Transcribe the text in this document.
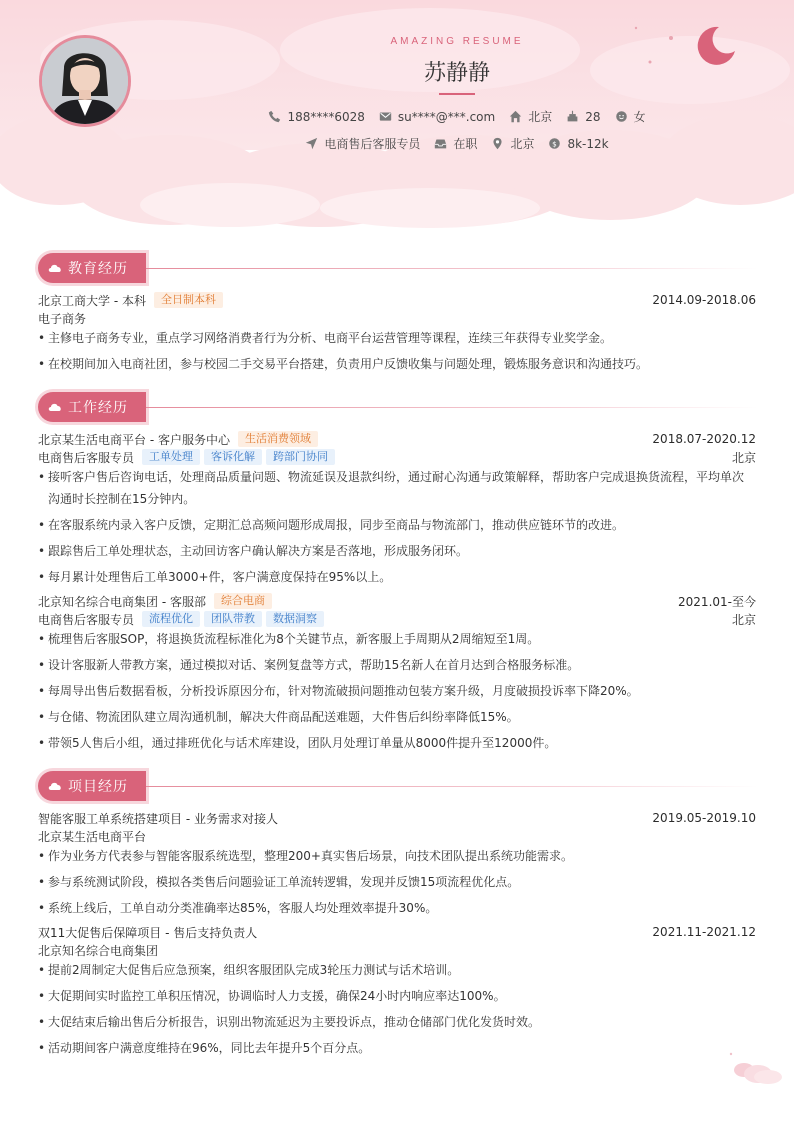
AMAZING RESUME
苏静静
188****6028	su****@***.com	北京	28	女
电商售后客服专员	在职	北京 $ 8k-12k
教育经历
北京工商大学 - 本科	全日制本科	2014.09-2018.06
电子商务
• 主修电子商务专业，重点学习网络消费者行为分析、电商平台运营管理等课程，连续三年获得专业奖学金。
• 在校期间加入电商社团，参与校园二手交易平台搭建，负责用户反馈收集与问题处理，锻炼服务意识和沟通技巧。
工作经历
北京某生活电商平台 - 客户服务中心	生活消费领域	2018.07-2020.12
电商售后客服专员	工单处理	客诉化解	跨部门协同	北京
• 接听客户售后咨询电话，处理商品质量问题、物流延误及退款纠纷，通过耐心沟通与政策解释，帮助客户完成退换货流程，平均单次
沟通时长控制在15分钟内。
• 在客服系统内录入客户反馈，定期汇总高频问题形成周报，同步至商品与物流部门，推动供应链环节的改进。
• 跟踪售后工单处理状态，主动回访客户确认解决方案是否落地，形成服务闭环。
• 每月累计处理售后工单3000+件，客户满意度保持在95%以上。
北京知名综合电商集团 - 客服部	综合电商	2021.01-至今
电商售后客服专员	流程优化	团队带教	数据洞察	北京
• 梳理售后客服SOP，将退换货流程标准化为8个关键节点，新客服上手周期从2周缩短至1周。
• 设计客服新人带教方案，通过模拟对话、案例复盘等方式，帮助15名新人在首月达到合格服务标准。
• 每周导出售后数据看板，分析投诉原因分布，针对物流破损问题推动包装方案升级，月度破损投诉率下降20%。
• 与仓储、物流团队建立周沟通机制，解决大件商品配送难题，大件售后纠纷率降低15%。
• 带领5人售后小组，通过排班优化与话术库建设，团队月处理订单量从8000件提升至12000件。
项目经历
智能客服工单系统搭建项目 - 业务需求对接人	2019.05-2019.10
北京某生活电商平台
• 作为业务方代表参与智能客服系统选型，整理200+真实售后场景，向技术团队提出系统功能需求。
• 参与系统测试阶段，模拟各类售后问题验证工单流转逻辑，发现并反馈15项流程优化点。
• 系统上线后，工单自动分类准确率达85%，客服人均处理效率提升30%。
双11大促售后保障项目 - 售后支持负责人	2021.11-2021.12
北京知名综合电商集团
• 提前2周制定大促售后应急预案，组织客服团队完成3轮压力测试与话术培训。
• 大促期间实时监控工单积压情况，协调临时人力支援，确保24小时内响应率达100%。
• 大促结束后输出售后分析报告，识别出物流延迟为主要投诉点，推动仓储部门优化发货时效。
• 活动期间客户满意度维持在96%，同比去年提升5个百分点。
